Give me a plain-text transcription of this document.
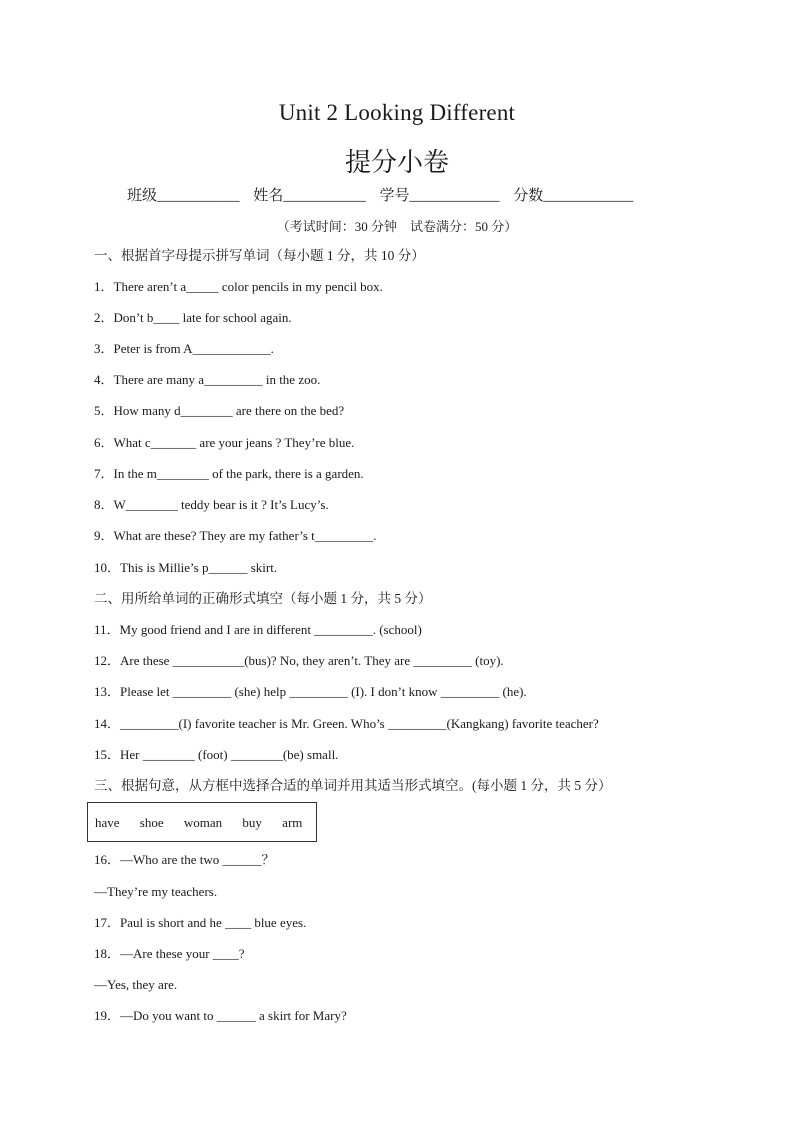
Unit 2 Looking Different
提分小卷
班级___________ 姓名___________ 学号____________ 分数____________
（考试时间：30 分钟　试卷满分：50 分）
一、根据首字母提示拼写单词（每小题 1 分，共 10 分）
1．There aren’t a_____ color pencils in my pencil box.
2．Don’t b____ late for school again.
3．Peter is from A____________.
4．There are many a_________ in the zoo.
5．How many d________ are there on the bed?
6．What c_______ are your jeans ? They’re blue.
7．In the m________ of the park, there is a garden.
8．W________ teddy bear is it ? It’s Lucy’s.
9．What are these? They are my father’s t_________.
10．This is Millie’s p______ skirt.
二、用所给单词的正确形式填空（每小题 1 分，共 5 分）
11．My good friend and I are in different _________. (school)
12．Are these ___________(bus)? No, they aren’t. They are _________ (toy).
13．Please let _________ (she) help _________ (I). I don’t know _________ (he).
14．_________(I) favorite teacher is Mr. Green. Who’s _________(Kangkang) favorite teacher?
15．Her ________ (foot) ________(be) small.
三、根据句意，从方框中选择合适的单词并用其适当形式填空。(每小题 1 分，共 5 分）
have shoe woman buy arm
16．—Who are the two ______？
—They’re my teachers.
17．Paul is short and he ____ blue eyes.
18．—Are these your ____?
—Yes, they are.
19．—Do you want to ______ a skirt for Mary?
